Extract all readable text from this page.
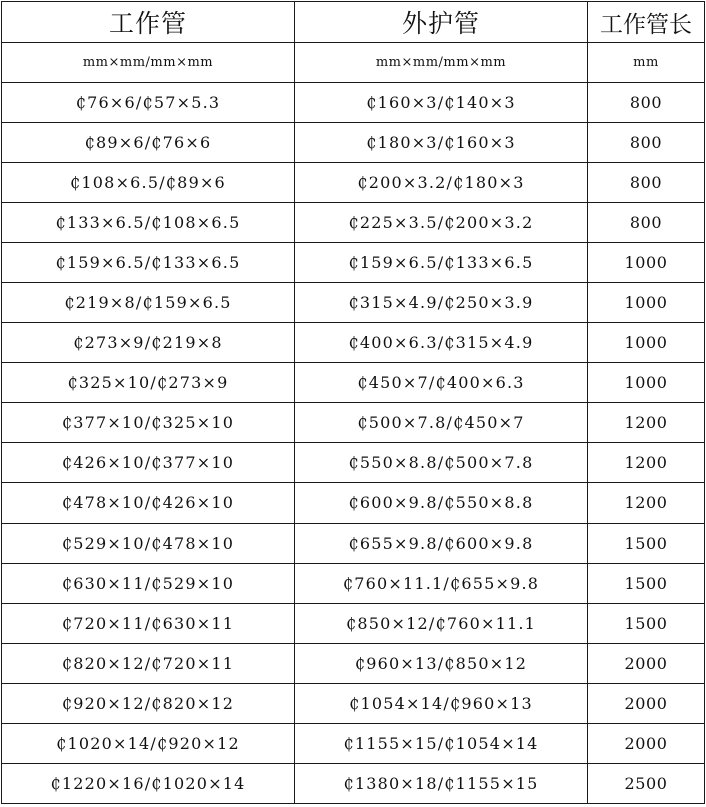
工作管	外护管	工作管长
mm×mm/mm×mm	mm×mm/mm×mm	mm
₵76×6/₵57×5.3	₵160×3/₵140×3	800
₵89×6/₵76×6	₵180×3/₵160×3	800
₵108×6.5/₵89×6	₵200×3.2/₵180×3	800
₵133×6.5/₵108×6.5	₵225×3.5/₵200×3.2	800
₵159×6.5/₵133×6.5	₵159×6.5/₵133×6.5	1000
₵219×8/₵159×6.5	₵315×4.9/₵250×3.9	1000
₵273×9/₵219×8	₵400×6.3/₵315×4.9	1000
₵325×10/₵273×9	₵450×7/₵400×6.3	1000
₵377×10/₵325×10	₵500×7.8/₵450×7	1200
₵426×10/₵377×10	₵550×8.8/₵500×7.8	1200
₵478×10/₵426×10	₵600×9.8/₵550×8.8	1200
₵529×10/₵478×10	₵655×9.8/₵600×9.8	1500
₵630×11/₵529×10	₵760×11.1/₵655×9.8	1500
₵720×11/₵630×11	₵850×12/₵760×11.1	1500
₵820×12/₵720×11	₵960×13/₵850×12	2000
₵920×12/₵820×12	₵1054×14/₵960×13	2000
₵1020×14/₵920×12	₵1155×15/₵1054×14	2000
₵1220×16/₵1020×14	₵1380×18/₵1155×15	2500
